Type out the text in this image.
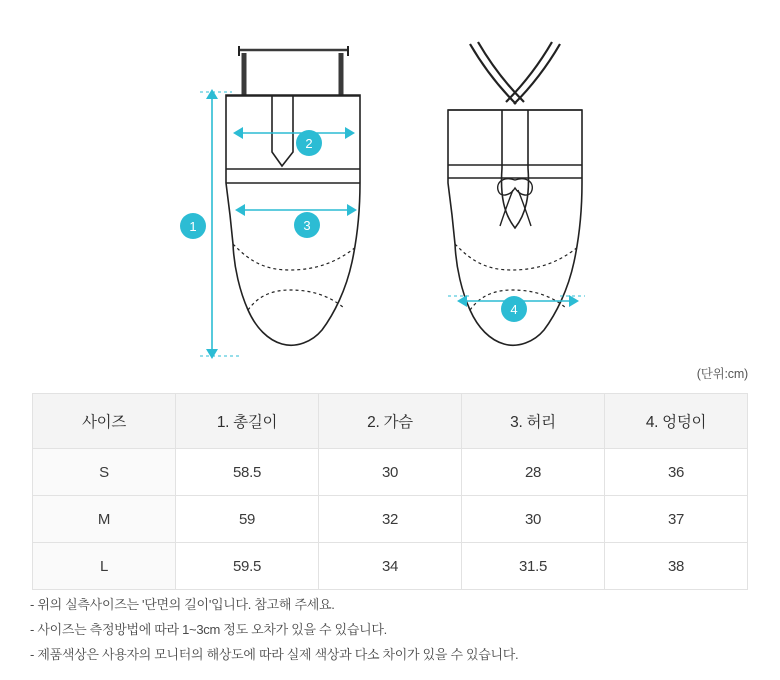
1
2
3
4
(단위:cm)
사이즈	1. 총길이	2. 가슴	3. 허리	4. 엉덩이
S	58.5	30	28	36
M	59	32	30	37
L	59.5	34	31.5	38
- 위의 실측사이즈는 '단면의 길이'입니다. 참고해 주세요.
- 사이즈는 측정방법에 따라 1~3cm 정도 오차가 있을 수 있습니다.
- 제품색상은 사용자의 모니터의 해상도에 따라 실제 색상과 다소 차이가 있을 수 있습니다.
